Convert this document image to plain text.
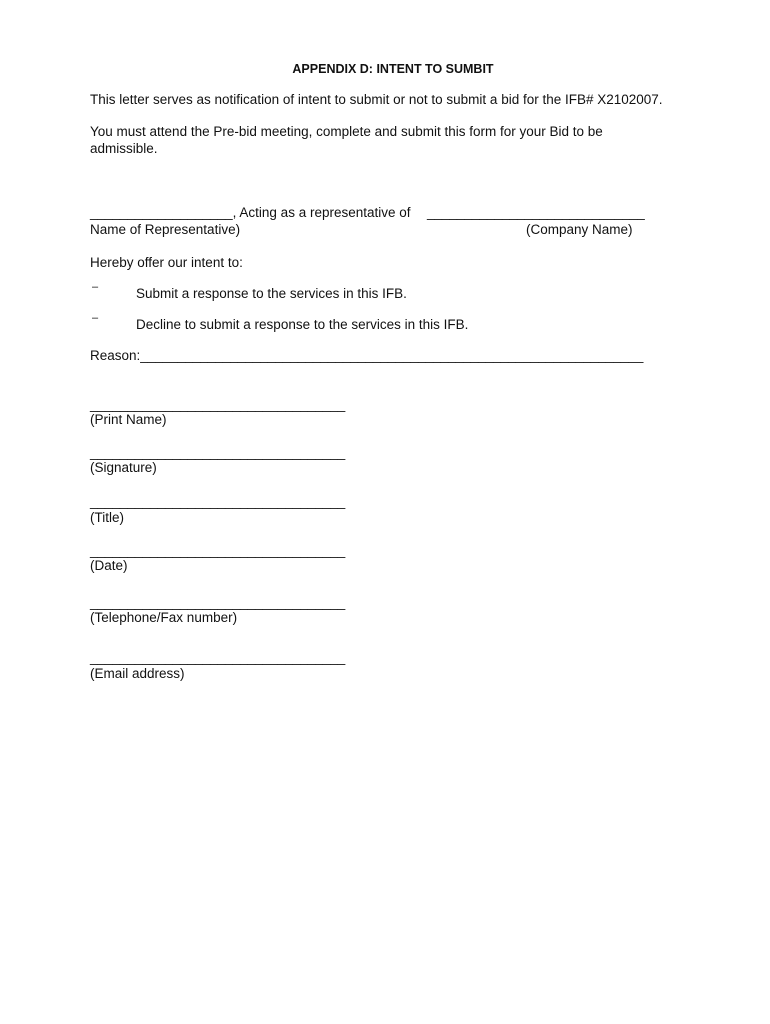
APPENDIX D: INTENT TO SUMBIT
This letter serves as notification of intent to submit or not to submit a bid for the IFB# X2102007.
You must attend the Pre-bid meeting, complete and submit this form for your Bid to be admissible.
___________________, Acting as a representative of _____________________________
Name of Representative)	(Company Name)
Hereby offer our intent to:
–	Submit a response to the services in this IFB.
–	Decline to submit a response to the services in this IFB.
Reason:___________________________________________________________________
__________________________________
(Print Name)
__________________________________
(Signature)
__________________________________
(Title)
__________________________________
(Date)
__________________________________
(Telephone/Fax number)
__________________________________
(Email address)
